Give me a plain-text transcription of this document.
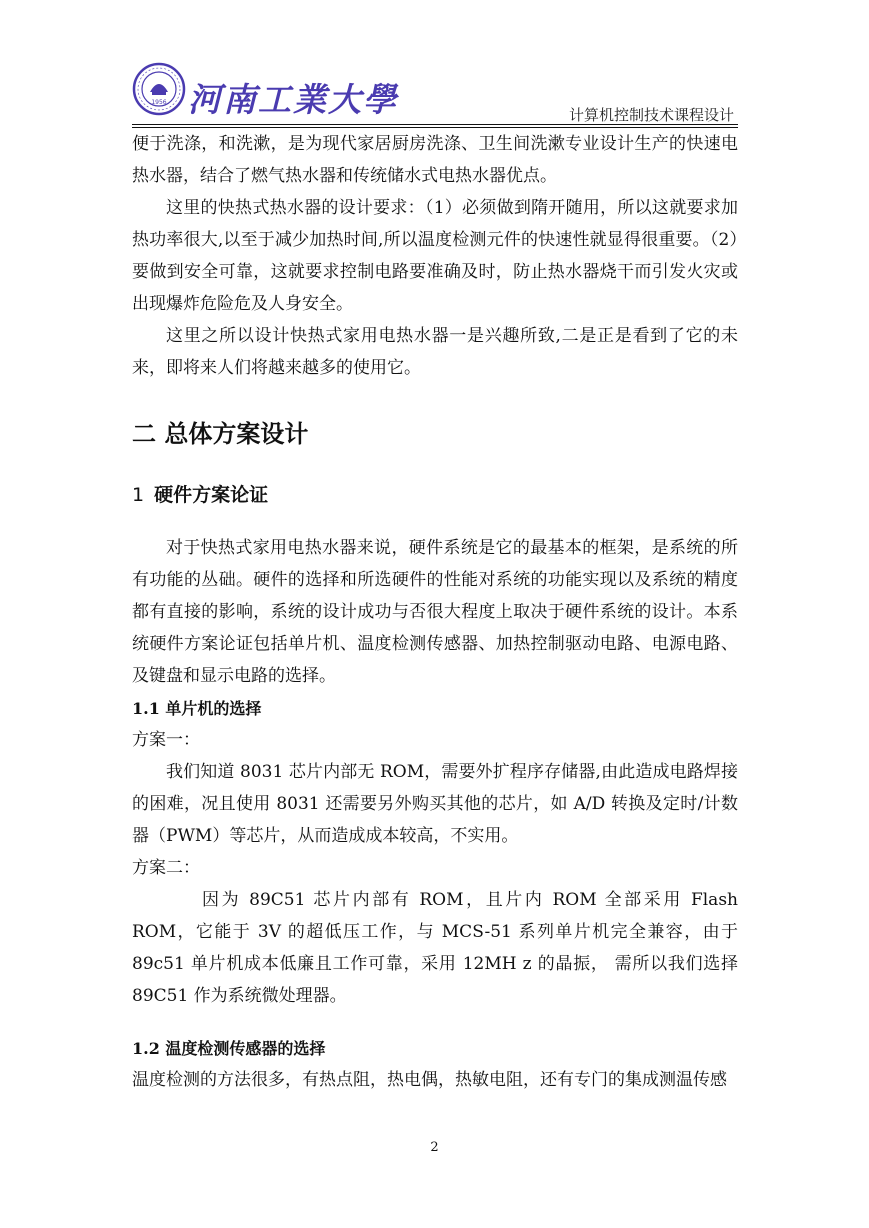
1956 河南工業大學	计算机控制技术课程设计

便于洗涤，和洗漱，是为现代家居厨房洗涤、卫生间洗漱专业设计生产的快速电热水器，结合了燃气热水器和传统储水式电热水器优点。

这里的快热式热水器的设计要求：（1）必须做到隋开随用，所以这就要求加热功率很大,以至于减少加热时间,所以温度检测元件的快速性就显得很重要。（2）要做到安全可靠，这就要求控制电路要准确及时，防止热水器烧干而引发火灾或出现爆炸危险危及人身安全。

这里之所以设计快热式家用电热水器一是兴趣所致,二是正是看到了它的未来，即将来人们将越来越多的使用它。

二 总体方案设计
1 硬件方案论证

对于快热式家用电热水器来说，硬件系统是它的最基本的框架，是系统的所有功能的丛础。硬件的选择和所选硬件的性能对系统的功能实现以及系统的精度都有直接的影响，系统的设计成功与否很大程度上取决于硬件系统的设计。本系统硬件方案论证包括单片机、温度检测传感器、加热控制驱动电路、电源电路、及键盘和显示电路的选择。

1.1 单片机的选择

方案一：

我们知道 8031 芯片内部无 ROM，需要外扩程序存储器,由此造成电路焊接的困难，况且使用 8031 还需要另外购买其他的芯片，如 A/D 转换及定时/计数器（PWM）等芯片，从而造成成本较高，不实用。

方案二：

因为 89C51 芯片内部有 ROM，且片内 ROM 全部采用 Flash ROM，它能于 3V 的超低压工作，与 MCS-51 系列单片机完全兼容，由于 89c51 单片机成本低廉且工作可靠，采用 12MH z 的晶振， 需所以我们选择 89C51 作为系统微处理器。

1.2 温度检测传感器的选择

温度检测的方法很多，有热点阻，热电偶，热敏电阻，还有专门的集成测温传感

2
